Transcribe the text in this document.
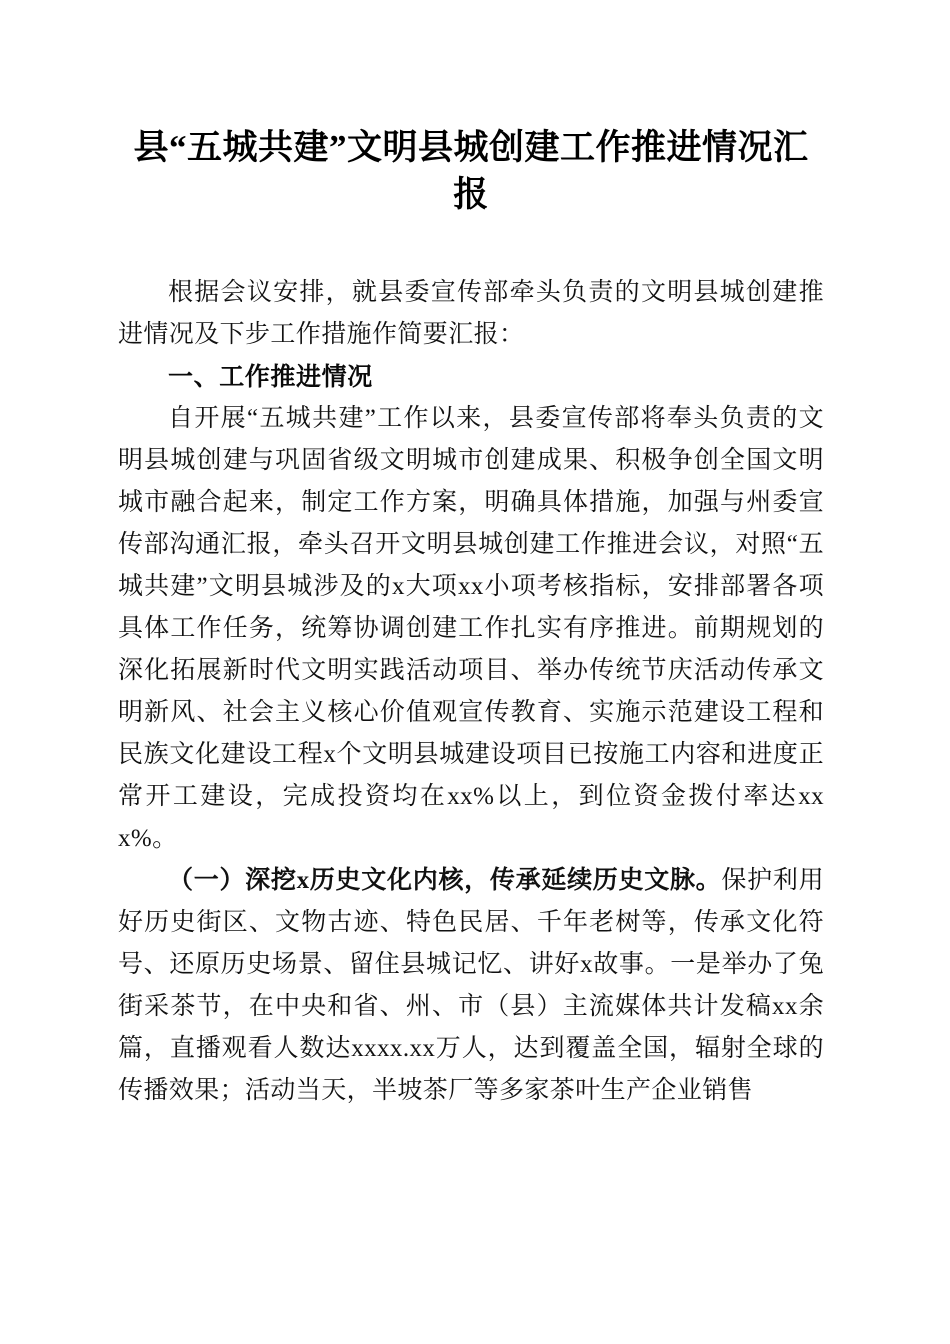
县“五城共建”文明县城创建工作推进情况汇报

根据会议安排，就县委宣传部牵头负责的文明县城创建推进情况及下步工作措施作简要汇报：

一、工作推进情况

自开展“五城共建”工作以来，县委宣传部将奉头负责的文明县城创建与巩固省级文明城市创建成果、积极争创全国文明城市融合起来，制定工作方案，明确具体措施，加强与州委宣传部沟通汇报，牵头召开文明县城创建工作推进会议，对照“五城共建”文明县城涉及的x大项xx小项考核指标，安排部署各项具体工作任务，统筹协调创建工作扎实有序推进。前期规划的深化拓展新时代文明实践活动项目、举办传统节庆活动传承文明新风、社会主义核心价值观宣传教育、实施示范建设工程和民族文化建设工程x个文明县城建设项目已按施工内容和进度正常开工建设，完成投资均在xx%以上，到位资金拨付率达xxx%。

（一）深挖x历史文化内核，传承延续历史文脉。保护利用好历史街区、文物古迹、特色民居、千年老树等，传承文化符号、还原历史场景、留住县城记忆、讲好x故事。一是举办了兔街采茶节，在中央和省、州、市（县）主流媒体共计发稿xx余篇，直播观看人数达xxxx.xx万人，达到覆盖全国，辐射全球的传播效果；活动当天，半坡茶厂等多家茶叶生产企业销售
